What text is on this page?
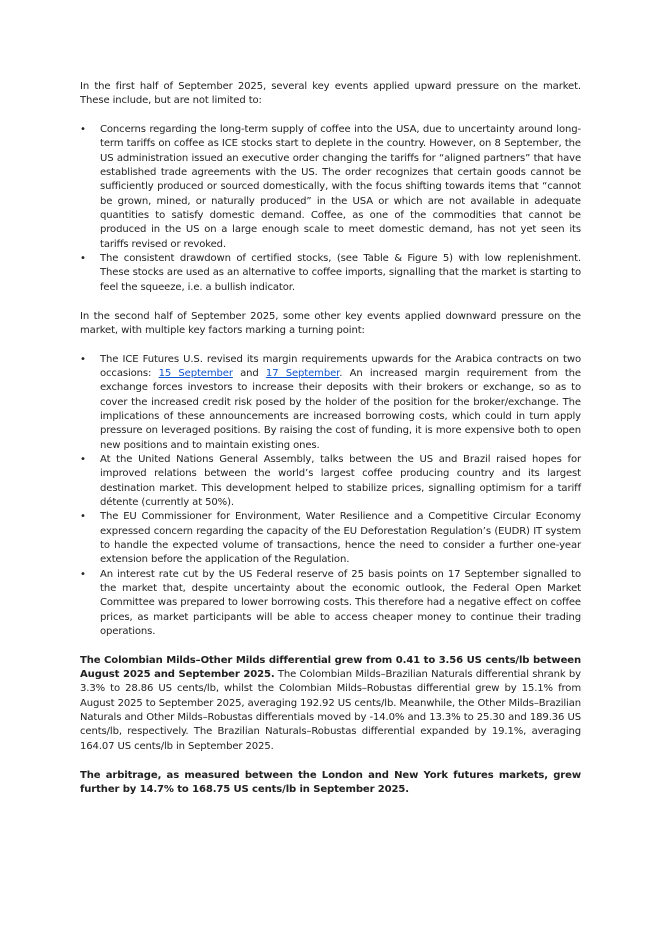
In the first half of September 2025, several key events applied upward pressure on the market. These include, but are not limited to:

•	Concerns regarding the long-term supply of coffee into the USA, due to uncertainty around long-term tariffs on coffee as ICE stocks start to deplete in the country. However, on 8 September, the US administration issued an executive order changing the tariffs for “aligned partners” that have established trade agreements with the US. The order recognizes that certain goods cannot be sufficiently produced or sourced domestically, with the focus shifting towards items that “cannot be grown, mined, or naturally produced” in the USA or which are not available in adequate quantities to satisfy domestic demand. Coffee, as one of the commodities that cannot be produced in the US on a large enough scale to meet domestic demand, has not yet seen its tariffs revised or revoked.
•	The consistent drawdown of certified stocks, (see Table & Figure 5) with low replenishment. These stocks are used as an alternative to coffee imports, signalling that the market is starting to feel the squeeze, i.e. a bullish indicator.

In the second half of September 2025, some other key events applied downward pressure on the market, with multiple key factors marking a turning point:

•	The ICE Futures U.S. revised its margin requirements upwards for the Arabica contracts on two occasions: 15 September and 17 September. An increased margin requirement from the exchange forces investors to increase their deposits with their brokers or exchange, so as to cover the increased credit risk posed by the holder of the position for the broker/exchange. The implications of these announcements are increased borrowing costs, which could in turn apply pressure on leveraged positions. By raising the cost of funding, it is more expensive both to open new positions and to maintain existing ones.
•	At the United Nations General Assembly, talks between the US and Brazil raised hopes for improved relations between the world’s largest coffee producing country and its largest destination market. This development helped to stabilize prices, signalling optimism for a tariff détente (currently at 50%).
•	The EU Commissioner for Environment, Water Resilience and a Competitive Circular Economy expressed concern regarding the capacity of the EU Deforestation Regulation’s (EUDR) IT system to handle the expected volume of transactions, hence the need to consider a further one-year extension before the application of the Regulation.
•	An interest rate cut by the US Federal reserve of 25 basis points on 17 September signalled to the market that, despite uncertainty about the economic outlook, the Federal Open Market Committee was prepared to lower borrowing costs. This therefore had a negative effect on coffee prices, as market participants will be able to access cheaper money to continue their trading operations.

The Colombian Milds–Other Milds differential grew from 0.41 to 3.56 US cents/lb between August 2025 and September 2025. The Colombian Milds–Brazilian Naturals differential shrank by 3.3% to 28.86 US cents/lb, whilst the Colombian Milds–Robustas differential grew by 15.1% from August 2025 to September 2025, averaging 192.92 US cents/lb. Meanwhile, the Other Milds–Brazilian Naturals and Other Milds–Robustas differentials moved by -14.0% and 13.3% to 25.30 and 189.36 US cents/lb, respectively. The Brazilian Naturals–Robustas differential expanded by 19.1%, averaging 164.07 US cents/lb in September 2025.

The arbitrage, as measured between the London and New York futures markets, grew further by 14.7% to 168.75 US cents/lb in September 2025.
